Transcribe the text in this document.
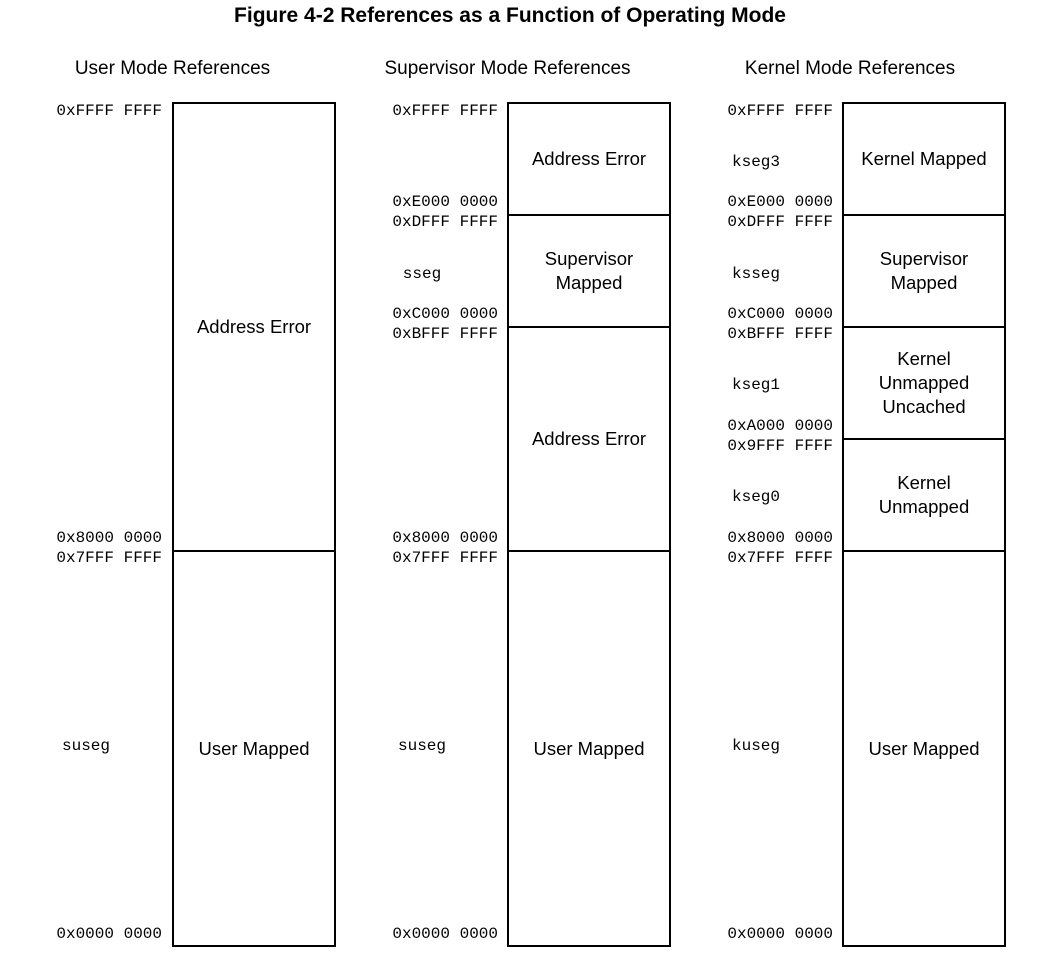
Figure 4-2 References as a Function of Operating Mode
User Mode References
0xFFFF FFFF
0x8000 0000
0x7FFF FFFF
0x0000 0000
suseg
Address Error
User Mapped
Supervisor Mode References
0xFFFF FFFF
0xE000 0000
0xDFFF FFFF
sseg
0xC000 0000
0xBFFF FFFF
0x8000 0000
0x7FFF FFFF
suseg
0x0000 0000
Address Error
Supervisor
Mapped
Address Error
User Mapped
Kernel Mode References
0xFFFF FFFF
kseg3
0xE000 0000
0xDFFF FFFF
ksseg
0xC000 0000
0xBFFF FFFF
kseg1
0xA000 0000
0x9FFF FFFF
kseg0
0x8000 0000
0x7FFF FFFF
kuseg
0x0000 0000
Kernel Mapped
Supervisor
Mapped
Kernel
Unmapped
Uncached
Kernel
Unmapped
User Mapped
